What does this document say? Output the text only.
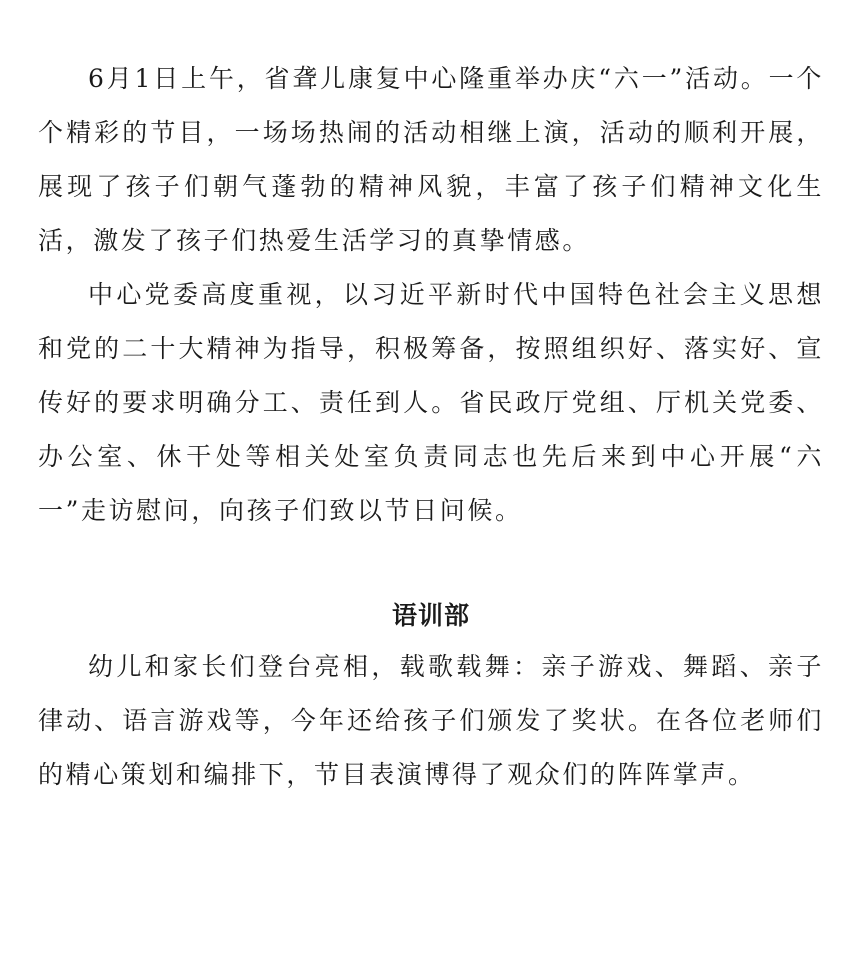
6月1日上午，省聋儿康复中心隆重举办庆“六一”活动。一个个精彩的节目，一场场热闹的活动相继上演，活动的顺利开展，展现了孩子们朝气蓬勃的精神风貌，丰富了孩子们精神文化生活，激发了孩子们热爱生活学习的真挚情感。

中心党委高度重视，以习近平新时代中国特色社会主义思想和党的二十大精神为指导，积极筹备，按照组织好、落实好、宣传好的要求明确分工、责任到人。省民政厅党组、厅机关党委、办公室、休干处等相关处室负责同志也先后来到中心开展“六一”走访慰问，向孩子们致以节日问候。

语训部

幼儿和家长们登台亮相，载歌载舞：亲子游戏、舞蹈、亲子律动、语言游戏等，今年还给孩子们颁发了奖状。在各位老师们的精心策划和编排下，节目表演博得了观众们的阵阵掌声。
